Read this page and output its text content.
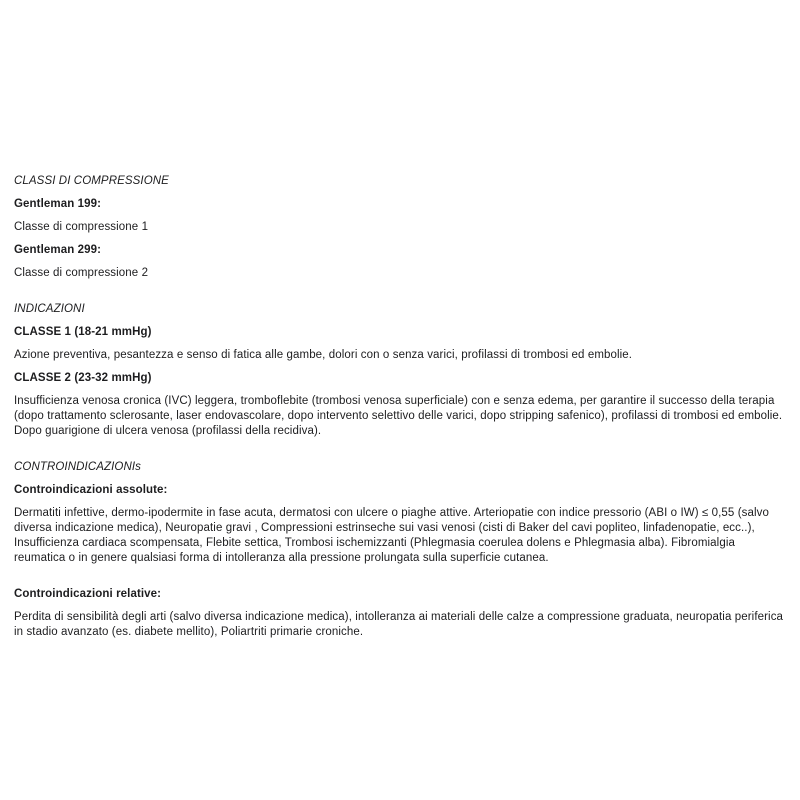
CLASSI DI COMPRESSIONE
Gentleman 199:
Classe di compressione 1
Gentleman 299:
Classe di compressione 2
INDICAZIONI
CLASSE 1 (18-21 mmHg)
Azione preventiva, pesantezza e senso di fatica alle gambe, dolori con o senza varici, profilassi di trombosi ed embolie.
CLASSE 2 (23-32 mmHg)
Insufficienza venosa cronica (IVC) leggera, tromboflebite (trombosi venosa superficiale) con e senza edema, per garantire il successo della terapia (dopo trattamento sclerosante, laser endovascolare, dopo intervento selettivo delle varici, dopo stripping safenico), profilassi di trombosi ed embolie. Dopo guarigione di ulcera venosa (profilassi della recidiva).
CONTROINDICAZIONIs
Controindicazioni assolute:
Dermatiti infettive, dermo-ipodermite in fase acuta, dermatosi con ulcere o piaghe attive. Arteriopatie con indice pressorio (ABI o IW) ≤ 0,55 (salvo diversa indicazione medica), Neuropatie gravi , Compressioni estrinseche sui vasi venosi (cisti di Baker del cavi popliteo, linfadenopatie, ecc..), Insufficienza cardiaca scompensata, Flebite settica, Trombosi ischemizzanti (Phlegmasia coerulea dolens e Phlegmasia alba). Fibromialgia reumatica o in genere qualsiasi forma di intolleranza alla pressione prolungata sulla superficie cutanea.
Controindicazioni relative:
Perdita di sensibilità degli arti (salvo diversa indicazione medica), intolleranza ai materiali delle calze a compressione graduata, neuropatia periferica in stadio avanzato (es. diabete mellito), Poliartriti primarie croniche.
